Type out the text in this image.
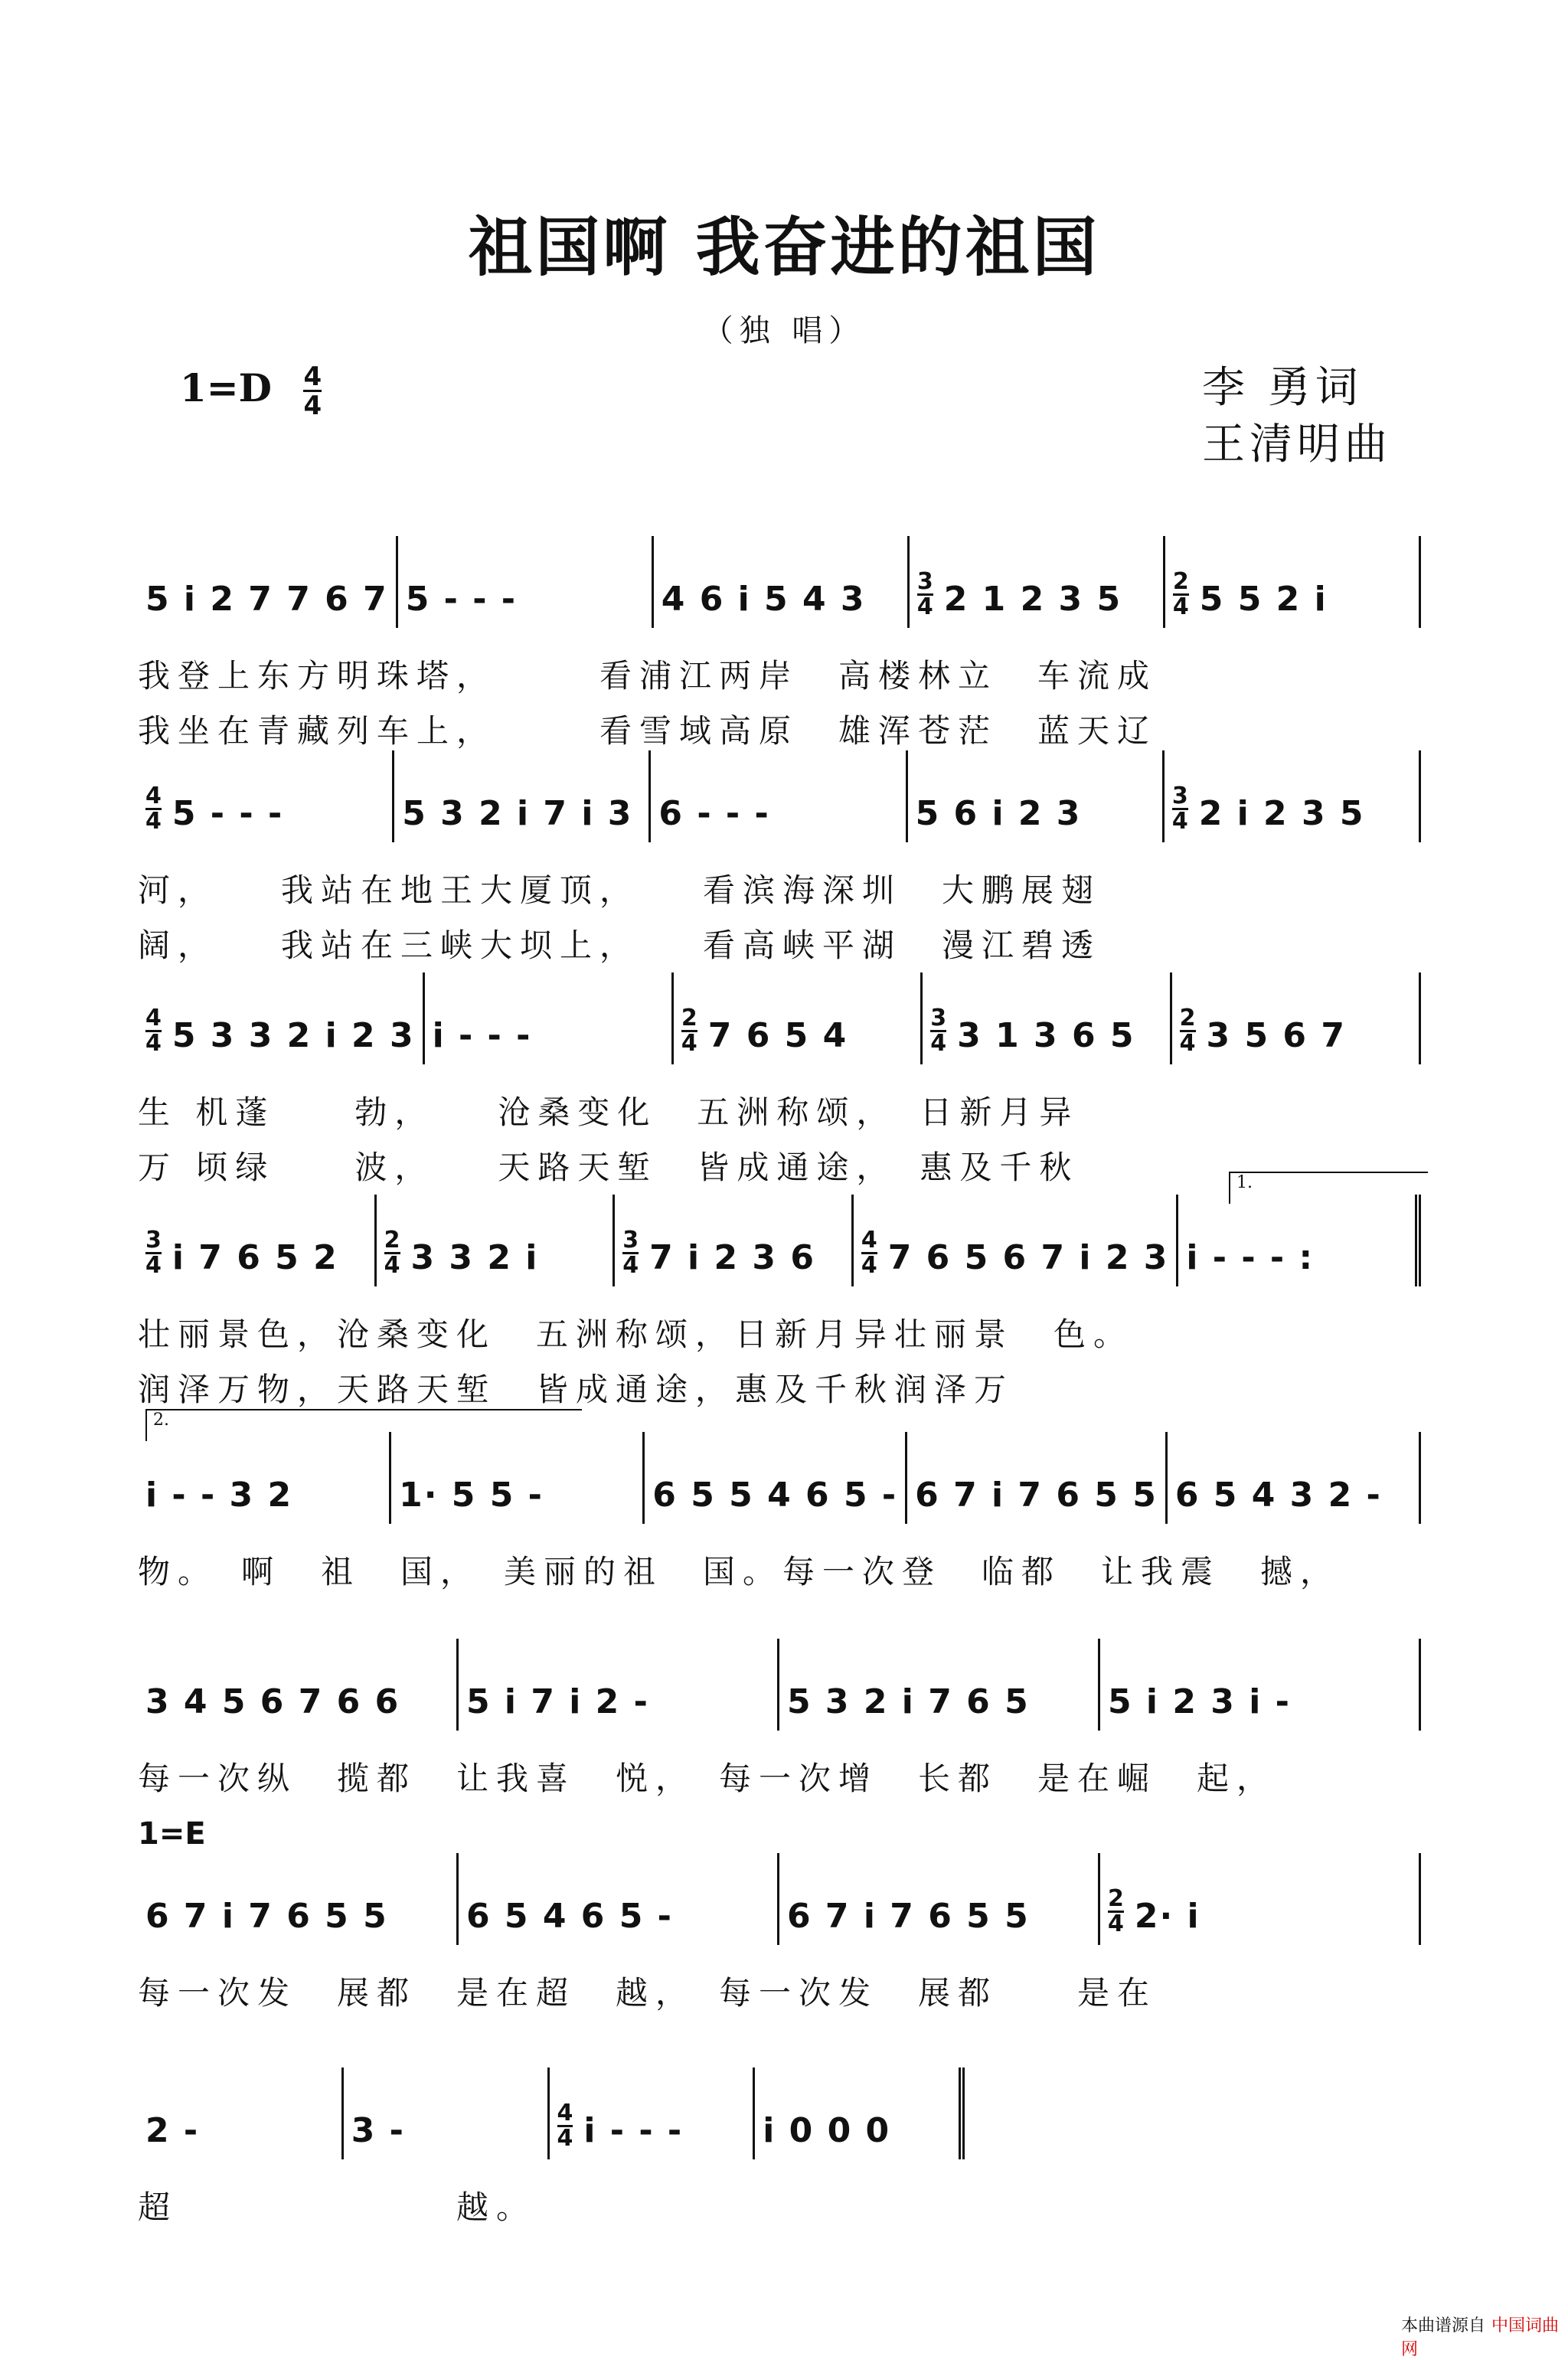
祖国啊 我奋进的祖国
（独 唱）
$1=D \frac{4}{4}$	李 勇词
王清明曲
5 i 2 7 7 6 7 5 - - -	4 6 i 5 4 $3 \frac{3}{4} 2$ 1 2 3 $5 \frac{2}{4} 5$ 5 2 i
我登上东方明珠塔，　　　看浦江两岸　高楼林立　车流成
我坐在青藏列车上，　　　看雪域高原　雄浑苍茫　蓝天辽
$\frac{4}{4} 5$ - - -	5 3 2 i 7 i 3 6 - - -	5 6 i 2 3	$\frac{3}{4} 2$ i 2 3 5
河，　　我站在地王大厦顶，　　看滨海深圳　大鹏展翅
阔，　　我站在三峡大坝上，　　看高峡平湖　漫江碧透
$\frac{4}{4} 5$ 3 3 2 i 2 3 i - - -	$\frac{2}{4} 7$ 6 5 4	$\frac{3}{4} 3$ 1 3 6 $5 \frac{2}{4} 3$ 5 6 7
生 机蓬　　勃，　　沧桑变化　五洲称颂，　日新月异
万 顷绿　　波，　　天路天堑　皆成通途，　惠及千秋
$\frac{3}{4}$ i 7 6 5 $2 \frac{2}{4} 3$ 3 2 i	$\frac{3}{4} 7$ i 2 3 $6 \frac{4}{4} 7$ 6 5 6 7 i 2 3 i - - - :
1.
壮丽景色，沧桑变化　五洲称颂，日新月异壮丽景　色。
润泽万物，天路天堑　皆成通途，惠及千秋润泽万
i - - 3 2	1· 5 5 -	6 5 5 4 6 5 - 6 7 i 7 6 5 5 6 5 4 3 2 -
2.
物。　啊　祖　国，　美丽的祖　国。每一次登　临都　让我震　撼，
3 4 5 6 7 6 6 5 i 7 i 2 -	5 3 2 i 7 6 5 5 i 2 3 i -
每一次纵　揽都　让我喜　悦，　每一次增　长都　是在崛　起，
1=E
6 7 i 7 6 5 5 6 5 4 6 5 -	6 7 i 7 6 5 5	$\frac{2}{4} 2\cdot i$
每一次发　展都　是在超　越，　每一次发　展都　　是在
2 -	3 -	$\frac{4}{4}$ i - - - i 0 0 0
超　　　　　　　越。
本曲谱源自 中国词曲网
